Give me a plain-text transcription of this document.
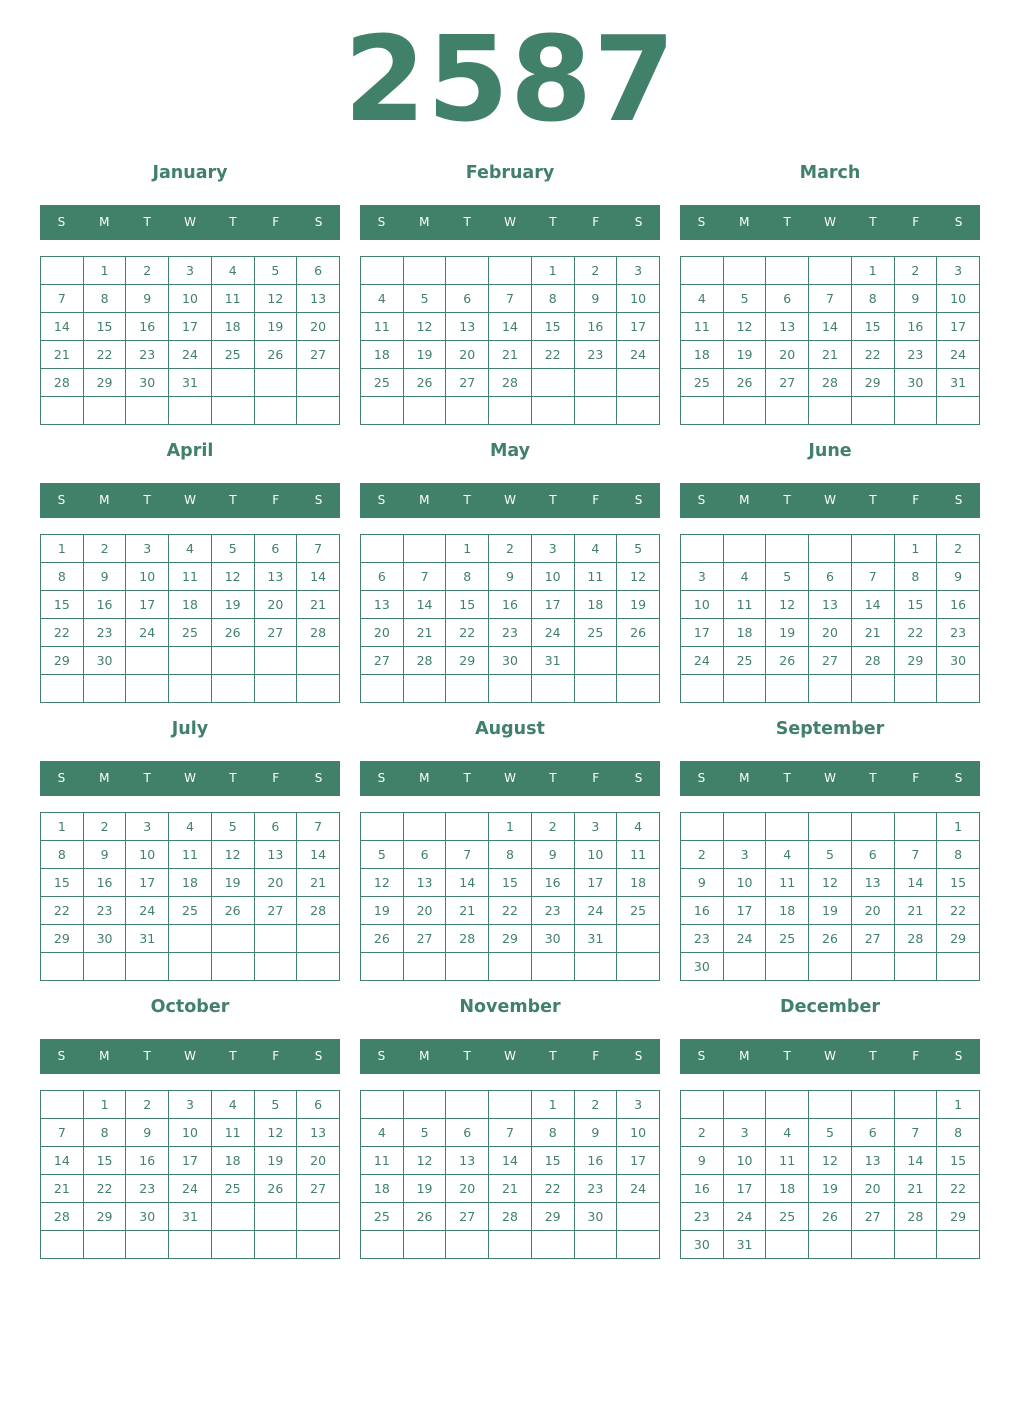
2587
January
S	M	T	W	T	F	S
	1	2	3	4	5	6
7	8	9	10	11	12	13
14	15	16	17	18	19	20
21	22	23	24	25	26	27
28	29	30	31			

February
S	M	T	W	T	F	S
				1	2	3
4	5	6	7	8	9	10
11	12	13	14	15	16	17
18	19	20	21	22	23	24
25	26	27	28			

March
S	M	T	W	T	F	S
				1	2	3
4	5	6	7	8	9	10
11	12	13	14	15	16	17
18	19	20	21	22	23	24
25	26	27	28	29	30	31

April
S	M	T	W	T	F	S
1	2	3	4	5	6	7
8	9	10	11	12	13	14
15	16	17	18	19	20	21
22	23	24	25	26	27	28
29	30					

May
S	M	T	W	T	F	S
		1	2	3	4	5
6	7	8	9	10	11	12
13	14	15	16	17	18	19
20	21	22	23	24	25	26
27	28	29	30	31		

June
S	M	T	W	T	F	S
					1	2
3	4	5	6	7	8	9
10	11	12	13	14	15	16
17	18	19	20	21	22	23
24	25	26	27	28	29	30

July
S	M	T	W	T	F	S
1	2	3	4	5	6	7
8	9	10	11	12	13	14
15	16	17	18	19	20	21
22	23	24	25	26	27	28
29	30	31				

August
S	M	T	W	T	F	S
			1	2	3	4
5	6	7	8	9	10	11
12	13	14	15	16	17	18
19	20	21	22	23	24	25
26	27	28	29	30	31	

September
S	M	T	W	T	F	S
						1
2	3	4	5	6	7	8
9	10	11	12	13	14	15
16	17	18	19	20	21	22
23	24	25	26	27	28	29
30						
October
S	M	T	W	T	F	S
	1	2	3	4	5	6
7	8	9	10	11	12	13
14	15	16	17	18	19	20
21	22	23	24	25	26	27
28	29	30	31			

November
S	M	T	W	T	F	S
				1	2	3
4	5	6	7	8	9	10
11	12	13	14	15	16	17
18	19	20	21	22	23	24
25	26	27	28	29	30	

December
S	M	T	W	T	F	S
						1
2	3	4	5	6	7	8
9	10	11	12	13	14	15
16	17	18	19	20	21	22
23	24	25	26	27	28	29
30	31					
